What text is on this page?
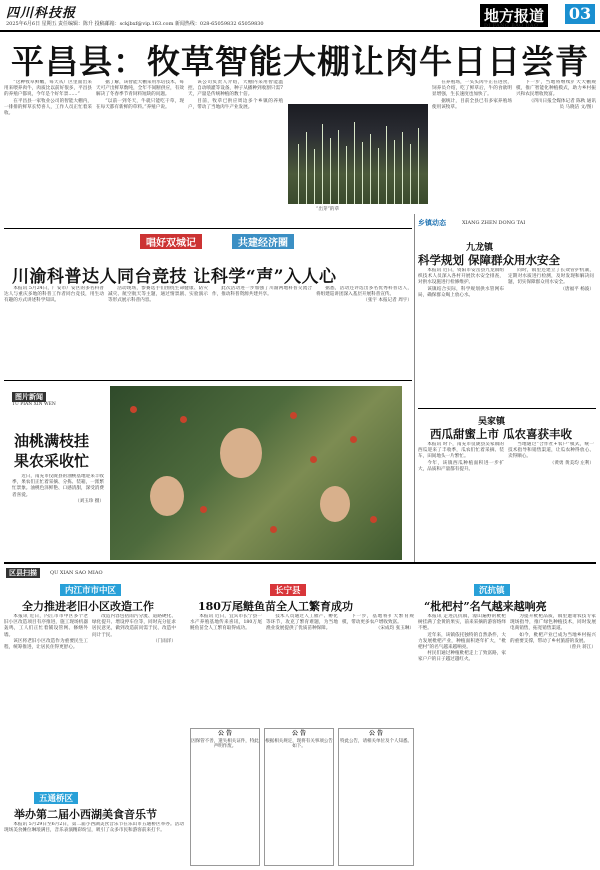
四川科技报
2025年6月6日 星期五 责任编辑：陈升 投稿邮箱：sckjbxf@vip.163.com 新闻热线：028-65059832 65059830	地方报道
DI FANG BAO DAO
03
平昌县：牧草智能大棚让肉牛日日尝青

“这种牧草鲜嫩，每天从厂区里面出来用来喂养肉牛，肉质比以前好很多，平昌县的养殖户都说，今年是个好年景……”

在平昌县一家牧业公司的智能大棚内，一排排的鲜草长势喜人，工作人员正忙着采收。

据了解，该智能大棚采用水培技术，每天可产出鲜草数吨，全年不间断供应，有效解决了冬春季节青饲料短缺的问题。

“以前一到冬天，牛就只能吃干草，现在每天都有新鲜的草料。”养殖户说。

该公司负责人介绍，大棚内采用智能温控、自动喷灌等设备，种子从播种到收割只需7天，产量是传统种植的数十倍。

目前，牧草已供应周边多个乡镇的养殖户，带动了当地肉牛产业发展。

“出芽”的草

在养殖场，一头头肉牛正在进食，饲养员介绍，吃了鲜草后，牛的食欲明显增强，生长速度也加快了。

据统计，目前全县已有多家养殖场使用该牧草。

下一步，当地将继续扩大大棚规模，推广智能化种植模式，助力乡村振兴和农民增收致富。

（四川日报全媒体记者 陈秋 通讯员 马晓洁 文/图）

唱好双城记	共建经济圈
川渝科普达人同台竞技 让科学“声”入人心

本报讯 5月24日，广安市广安区的多名科普达人与重庆多地的科普工作者同台竞技，用生动有趣的方式讲述科学知识。

活动现场，参赛选手们围绕生命健康、防灾减灾、航空航天等主题，通过情景剧、实验演示等形式展示科普内容。

此次活动进一步加强了川渝两地科普交流合作，推动科普资源共建共享。

据悉，活动还评选出多名优秀科普达人，将组建巡讲团深入基层开展科普宣传。

（张宇 本报记者 周宇）

图片新闻
TU PIAN XIN WEN
油桃满枝挂
果农采收忙

近日，南充市仪陇县的油桃基地迎来丰收季，果农们正忙着采摘、分拣、装箱，一派繁忙景象。油桃色泽鲜艳、口感清甜，深受消费者喜爱。

（刘玉珍 摄）

乡镇动态	XIANG ZHEN DONG TAI
九龙镇
科学规划 保障群众用水安全

本报讯 近日，资阳市安岳县九龙镇组织技术人员深入各村开展饮水安全排查，对供水设施进行检修维护。

该镇结合实际，科学规划供水管网布局，确保群众喝上放心水。

同时，镇里还建立了长效管护机制，定期对水质进行检测，及时发现和解决问题，切实保障群众用水安全。

（唐福平 杨波）

吴家镇
西瓜甜蜜上市 瓜农喜获丰收

本报讯 时下，南充市仪陇县吴家镇的西瓜迎来了丰收季，瓜农们忙着采摘、装车，田间地头一片繁忙。

今年，该镇西瓜种植面积进一步扩大，品质和产量都有提升。

当地通过“合作社+农户”模式，统一技术指导和销售渠道，让瓜农种得放心、卖得顺心。

（黄勇 黄美均 左利）

区县扫描	QU XIAN SAO MIAO
内江市市中区
全力推进老旧小区改造工作

本报讯 近日，内江市市中区多个老旧小区改造项目有序推进，施工现场机器轰鸣，工人们正忙着铺设管网、修缮外墙。

该区将老旧小区改造作为重要民生工程，统筹推进，让居民住得更舒心。

改造内容包括雨污分流、道路硬化、绿化提升、增设停车位等，同时充分征求居民意见，做到改造前问需于民、改造中问计于民。

（门雨洋）

长宁县
180万尾鲢鱼苗全人工繁育成功

本报讯 近日，宜宾市长宁县一水产养殖基地传来喜讯，180万尾鲢鱼苗全人工繁育取得成功。

技术人员通过人工催产、孵化等环节，攻克了繁育难题，为当地渔业发展提供了优质苗种保障。

下一步，基地将扩大繁育规模，带动更多农户增收致富。

（宋成均 张玉琳）

公 告
因保管不善，遗失相关证件，特此声明作废。
公 告
根据相关规定，现将有关事项公告如下。
公 告
特此公告，请相关单位及个人知悉。
沉抗镇
“枇杷村”名气越来越响亮

本报讯 走进沉抗镇，漫山遍野的枇杷树挂满了金黄的果实，前来采摘的游客络绎不绝。

近年来，该镇依托独特的自然条件，大力发展枇杷产业，种植面积逐年扩大，“枇杷村”的名气越来越响亮。

村民们通过种植枇杷走上了致富路，家家户户的日子越过越红火。

为提升枇杷品质，镇里邀请农技专家现场指导，推广绿色种植技术，同时发展电商销售，拓宽销售渠道。

如今，枇杷产业已成为当地乡村振兴的重要支撑，带动了乡村旅游的发展。

（曾兵 蒋江）

五通桥区
举办第二届小西湖美食音乐节

本报讯 5月29日至6月2日，第二届小西湖美食音乐节在乐山市五通桥区举办。活动现场美食摊位琳琅满目，音乐表演精彩纷呈，吸引了众多市民和游客前来打卡。
